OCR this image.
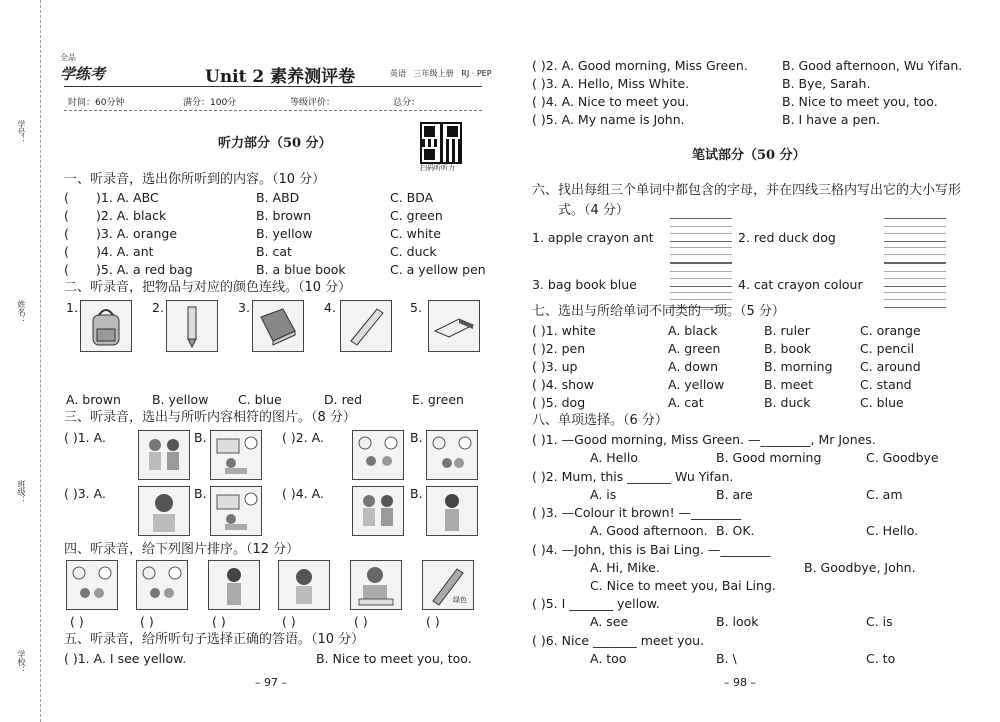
学号：
姓名：
班级：
学校：
全品
学练考	Unit 2 素养测评卷	英语 三年级上册 RJ · PEP
时间：60分钟	满分：100分	等级评价：	总分：
听力部分（50 分）
扫码听听力
一、听录音，选出你所听到的内容。（10 分）
( )1. A. ABC	B. ABD	C. BDA
( )2. A. black	B. brown	C. green
( )3. A. orange	B. yellow	C. white
( )4. A. ant	B. cat	C. duck
( )5. A. a red bag	B. a blue book	C. a yellow pen
二、听录音，把物品与对应的颜色连线。（10 分）
1.	2.	3.	4.	5.
A. brown B. yellow C. blue	D. red	E. green
三、听录音，选出与所听内容相符的图片。（8 分）
( )1. A.	B.	( )2. A.	B.
( )3. A.	B.	( )4. A.	B.
四、听录音，给下列图片排序。（12 分）
绿色
( )	( )	( )	( )	( )	( )
五、听录音，给所听句子选择正确的答语。（10 分）
( )1. A. I see yellow.	B. Nice to meet you, too.
– 97 –
( )2. A. Good morning, Miss Green.	B. Good afternoon, Wu Yifan.
( )3. A. Hello, Miss White.	B. Bye, Sarah.
( )4. A. Nice to meet you.	B. Nice to meet you, too.
( )5. A. My name is John.	B. I have a pen.
笔试部分（50 分）
六、找出每组三个单词中都包含的字母，并在四线三格内写出它的大小写形
式。（4 分）
1. apple crayon ant	2. red duck dog
3. bag book blue	4. cat crayon colour
七、选出与所给单词不同类的一项。（5 分）
( )1. white	A. black	B. ruler	C. orange
( )2. pen	A. green	B. book	C. pencil
( )3. up	A. down	B. morning C. around
( )4. show	A. yellow	B. meet	C. stand
( )5. dog	A. cat	B. duck	C. blue
八、单项选择。（6 分）
( )1. —Good morning, Miss Green. —________, Mr Jones.
A. Hello	B. Good morning	C. Goodbye
( )2. Mum, this _______ Wu Yifan.
A. is	B. are	C. am
( )3. —Colour it brown! —________
A. Good afternoon. B. OK.	C. Hello.
( )4. —John, this is Bai Ling. —________
A. Hi, Mike.	B. Goodbye, John.
C. Nice to meet you, Bai Ling.
( )5. I _______ yellow.
A. see	B. look	C. is
( )6. Nice _______ meet you.
A. too	B. \	C. to
– 98 –
